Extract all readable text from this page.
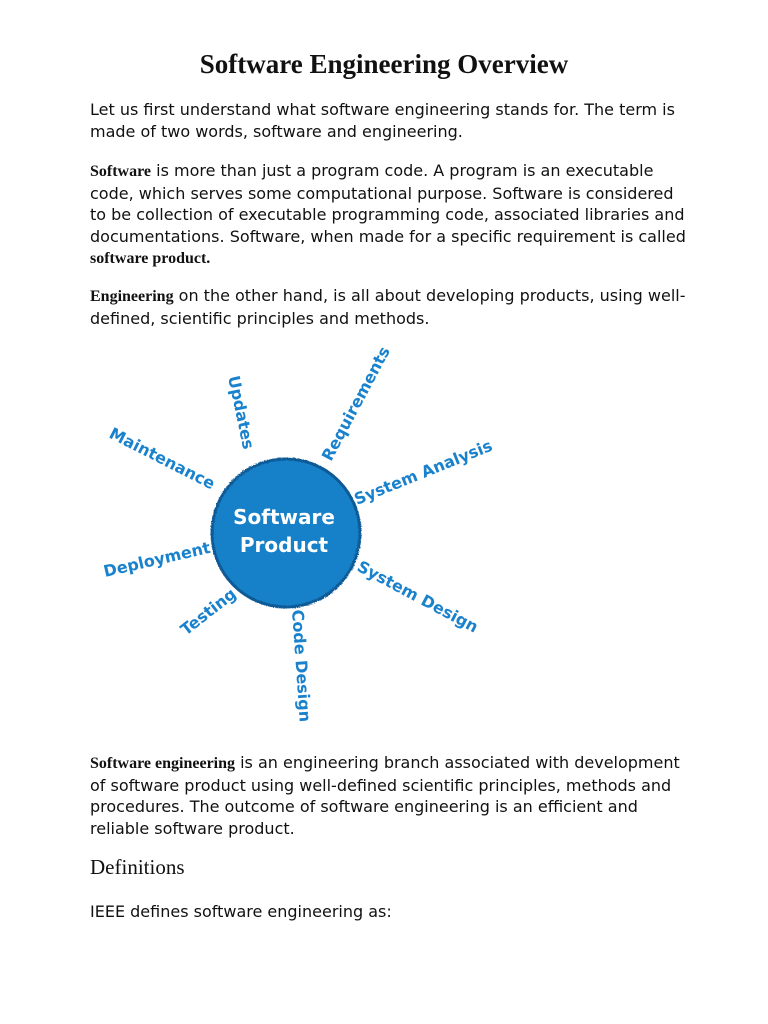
Software Engineering Overview

Let us first understand what software engineering stands for. The term is made of two words, software and engineering.

Software is more than just a program code. A program is an executable code, which serves some computational purpose. Software is considered to be collection of executable programming code, associated libraries and documentations. Software, when made for a specific requirement is called software product.

Engineering on the other hand, is all about developing products, using well-defined, scientific principles and methods.

Software
Product
Updates	Requirements
System Analysis
System Design
Code Design
Testing
Deployment
Maintenance

Software engineering is an engineering branch associated with development of software product using well-defined scientific principles, methods and procedures. The outcome of software engineering is an efficient and reliable software product.

Definitions

IEEE defines software engineering as:
